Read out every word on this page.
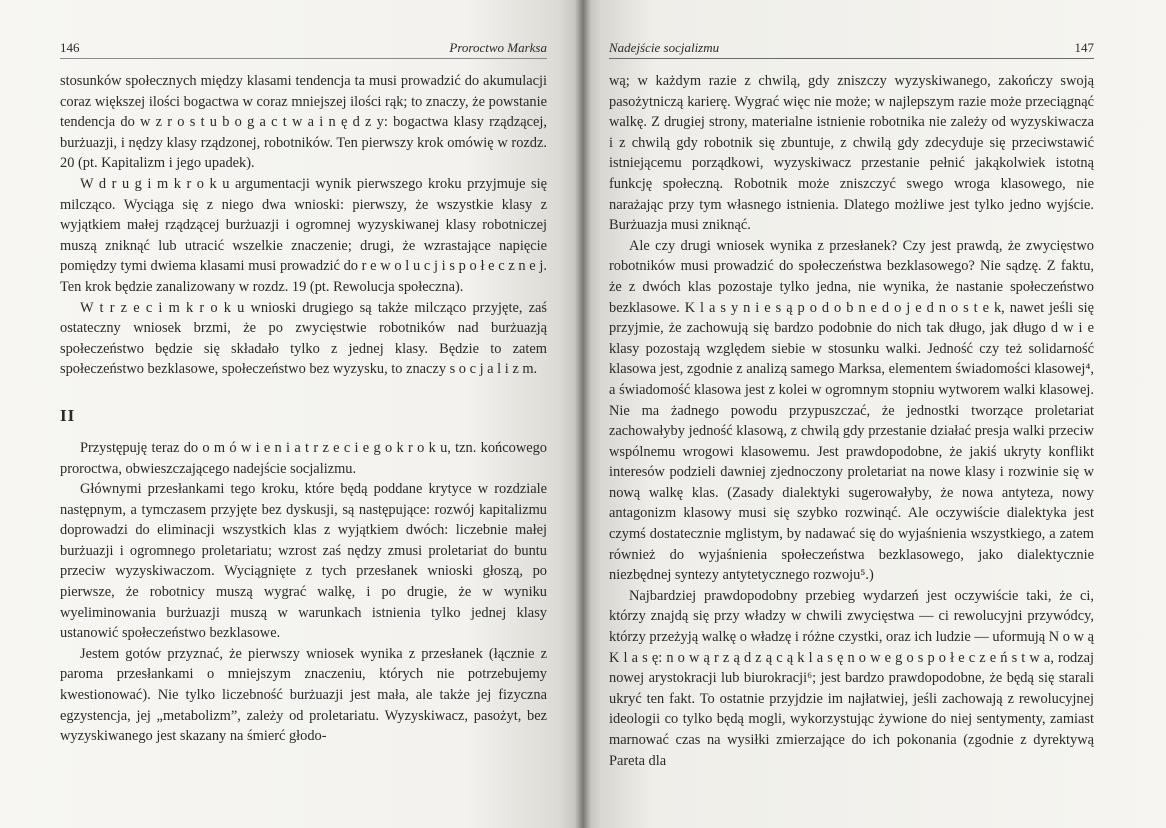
146	Proroctwo Marksa

stosunków społecznych między klasami tendencja ta musi prowadzić do akumulacji coraz większej ilości bogactwa w coraz mniejszej ilości rąk; to znaczy, że powstanie tendencja do w z r o s t u b o g a c t w a i n ę d z y: bogactwa klasy rządzącej, burżuazji, i nędzy klasy rządzonej, robotników. Ten pierwszy krok omówię w rozdz. 20 (pt. Kapitalizm i jego upadek).

W d r u g i m k r o k u argumentacji wynik pierwszego kroku przyjmuje się milcząco. Wyciąga się z niego dwa wnioski: pierwszy, że wszystkie klasy z wyjątkiem małej rządzącej burżuazji i ogromnej wyzyskiwanej klasy robotniczej muszą zniknąć lub utracić wszelkie znaczenie; drugi, że wzrastające napięcie pomiędzy tymi dwiema klasami musi prowadzić do r e w o l u c j i s p o ł e c z n e j. Ten krok będzie zanalizowany w rozdz. 19 (pt. Rewolucja społeczna).

W t r z e c i m k r o k u wnioski drugiego są także milcząco przyjęte, zaś ostateczny wniosek brzmi, że po zwycięstwie robotników nad burżuazją społeczeństwo będzie się składało tylko z jednej klasy. Będzie to zatem społeczeństwo bezklasowe, społeczeństwo bez wyzysku, to znaczy s o c j a l i z m.

II

Przystępuję teraz do o m ó w i e n i a t r z e c i e g o k r o k u, tzn. końcowego proroctwa, obwieszczającego nadejście socjalizmu.

Głównymi przesłankami tego kroku, które będą poddane krytyce w rozdziale następnym, a tymczasem przyjęte bez dyskusji, są następujące: rozwój kapitalizmu doprowadzi do eliminacji wszystkich klas z wyjątkiem dwóch: liczebnie małej burżuazji i ogromnego proletariatu; wzrost zaś nędzy zmusi proletariat do buntu przeciw wyzyskiwaczom. Wyciągnięte z tych przesłanek wnioski głoszą, po pierwsze, że robotnicy muszą wygrać walkę, i po drugie, że w wyniku wyeliminowania burżuazji muszą w warunkach istnienia tylko jednej klasy ustanowić społeczeństwo bezklasowe.

Jestem gotów przyznać, że pierwszy wniosek wynika z przesłanek (łącznie z paroma przesłankami o mniejszym znaczeniu, których nie potrzebujemy kwestionować). Nie tylko liczebność burżuazji jest mała, ale także jej fizyczna egzystencja, jej „metabolizm”, zależy od proletariatu. Wyzyskiwacz, pasożyt, bez wyzyskiwanego jest skazany na śmierć głodo-

Nadejście socjalizmu	147

wą; w każdym razie z chwilą, gdy zniszczy wyzyskiwanego, zakończy swoją pasożytniczą karierę. Wygrać więc nie może; w najlepszym razie może przeciągnąć walkę. Z drugiej strony, materialne istnienie robotnika nie zależy od wyzyskiwacza i z chwilą gdy robotnik się zbuntuje, z chwilą gdy zdecyduje się przeciwstawić istniejącemu porządkowi, wyzyskiwacz przestanie pełnić jakąkolwiek istotną funkcję społeczną. Robotnik może zniszczyć swego wroga klasowego, nie narażając przy tym własnego istnienia. Dlatego możliwe jest tylko jedno wyjście. Burżuazja musi zniknąć.

Ale czy drugi wniosek wynika z przesłanek? Czy jest prawdą, że zwycięstwo robotników musi prowadzić do społeczeństwa bezklasowego? Nie sądzę. Z faktu, że z dwóch klas pozostaje tylko jedna, nie wynika, że nastanie społeczeństwo bezklasowe. K l a s y n i e s ą p o d o b n e d o j e d n o s t e k, nawet jeśli się przyjmie, że zachowują się bardzo podobnie do nich tak długo, jak długo d w i e klasy pozostają względem siebie w stosunku walki. Jedność czy też solidarność klasowa jest, zgodnie z analizą samego Marksa, elementem świadomości klasowej⁴, a świadomość klasowa jest z kolei w ogromnym stopniu wytworem walki klasowej. Nie ma żadnego powodu przypuszczać, że jednostki tworzące proletariat zachowałyby jedność klasową, z chwilą gdy przestanie działać presja walki przeciw wspólnemu wrogowi klasowemu. Jest prawdopodobne, że jakiś ukryty konflikt interesów podzieli dawniej zjednoczony proletariat na nowe klasy i rozwinie się w nową walkę klas. (Zasady dialektyki sugerowałyby, że nowa antyteza, nowy antagonizm klasowy musi się szybko rozwinąć. Ale oczywiście dialektyka jest czymś dostatecznie mglistym, by nadawać się do wyjaśnienia wszystkiego, a zatem również do wyjaśnienia społeczeństwa bezklasowego, jako dialektycznie niezbędnej syntezy antytetycznego rozwoju⁵.)

Najbardziej prawdopodobny przebieg wydarzeń jest oczywiście taki, że ci, którzy znajdą się przy władzy w chwili zwycięstwa — ci rewolucyjni przywódcy, którzy przeżyją walkę o władzę i różne czystki, oraz ich ludzie — uformują N o w ą K l a s ę: n o w ą r z ą d z ą c ą k l a s ę n o w e g o s p o ł e c z e ń s t w a, rodzaj nowej arystokracji lub biurokracji⁶; jest bardzo prawdopodobne, że będą się starali ukryć ten fakt. To ostatnie przyjdzie im najłatwiej, jeśli zachowają z rewolucyjnej ideologii co tylko będą mogli, wykorzystując żywione do niej sentymenty, zamiast marnować czas na wysiłki zmierzające do ich pokonania (zgodnie z dyrektywą Pareta dla
